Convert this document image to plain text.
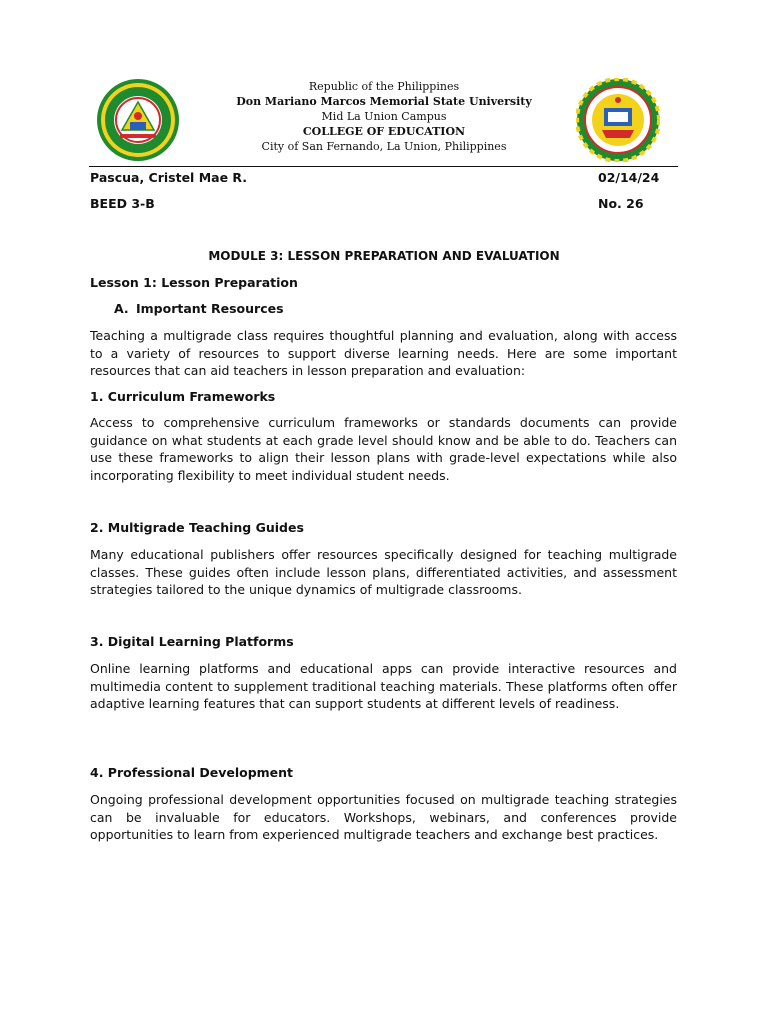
Republic of the Philippines
Don Mariano Marcos Memorial State University
Mid La Union Campus
COLLEGE OF EDUCATION
City of San Fernando, La Union, Philippines
Pascua, Cristel Mae R.	02/14/24
BEED 3-B	No. 26
MODULE 3: LESSON PREPARATION AND EVALUATION
Lesson 1: Lesson Preparation
A. Important Resources

Teaching a multigrade class requires thoughtful planning and evaluation, along with access to a variety of resources to support diverse learning needs. Here are some important resources that can aid teachers in lesson preparation and evaluation:

1. Curriculum Frameworks

Access to comprehensive curriculum frameworks or standards documents can provide guidance on what students at each grade level should know and be able to do. Teachers can use these frameworks to align their lesson plans with grade-level expectations while also incorporating flexibility to meet individual student needs.

2. Multigrade Teaching Guides

Many educational publishers offer resources specifically designed for teaching multigrade classes. These guides often include lesson plans, differentiated activities, and assessment strategies tailored to the unique dynamics of multigrade classrooms.

3. Digital Learning Platforms

Online learning platforms and educational apps can provide interactive resources and multimedia content to supplement traditional teaching materials. These platforms often offer adaptive learning features that can support students at different levels of readiness.

4. Professional Development

Ongoing professional development opportunities focused on multigrade teaching strategies can be invaluable for educators. Workshops, webinars, and conferences provide opportunities to learn from experienced multigrade teachers and exchange best practices.
